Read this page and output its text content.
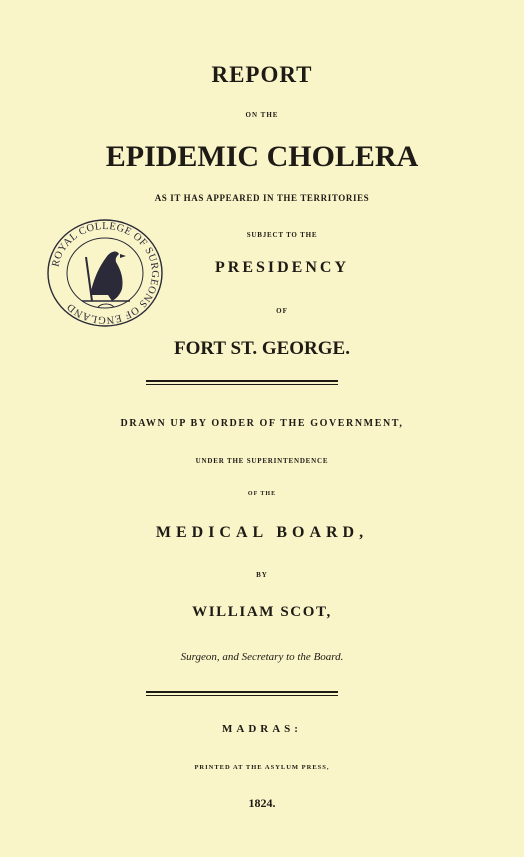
ROYAL COLLEGE OF SURGEONS OF ENGLAND
REPORT
ON THE
EPIDEMIC CHOLERA
AS IT HAS APPEARED IN THE TERRITORIES
SUBJECT TO THE
PRESIDENCY
OF
FORT ST. GEORGE.
DRAWN UP BY ORDER OF THE GOVERNMENT,
UNDER THE SUPERINTENDENCE
OF THE
MEDICAL BOARD,
BY
WILLIAM SCOT,
Surgeon, and Secretary to the Board.
MADRAS:
PRINTED AT THE ASYLUM PRESS,
1824.
